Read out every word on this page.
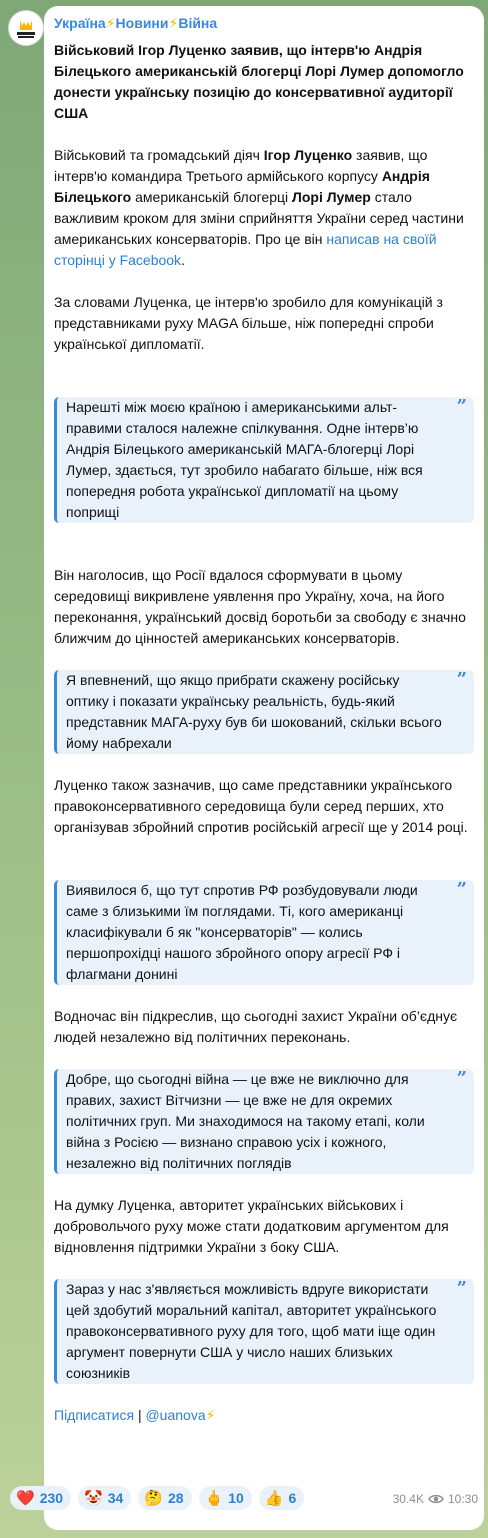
Україна⚡Новини⚡Війна
Військовий Ігор Луценко заявив, що інтерв'ю Андрія Білецького американській блогерці Лорі Лумер допомогло донести українську позицію до консервативної аудиторії США

Військовий та громадський діяч Ігор Луценко заявив, що інтерв'ю командира Третього армійського корпусу Андрія Білецького американській блогерці Лорі Лумер стало важливим кроком для зміни сприйняття України серед частини американських консерваторів. Про це він написав на своїй сторінці у Facebook.

За словами Луценка, це інтерв'ю зробило для комунікацій з представниками руху MAGA більше, ніж попередні спроби української дипломатії.

Нарешті між моєю країною і американськими альт-правими сталося належне спілкування. Одне інтерв’ю Андрія Білецького американській МАГА-блогерці Лорі Лумер, здається, тут зробило набагато більше, ніж вся попередня робота української дипломатії на цьому поприщі
”

Він наголосив, що Росії вдалося сформувати в цьому середовищі викривлене уявлення про Україну, хоча, на його переконання, український досвід боротьби за свободу є значно ближчим до цінностей американських консерваторів.

Я впевнений, що якщо прибрати скажену російську оптику і показати українську реальність, будь-який представник МАГА-руху був би шокований, скільки всього йому набрехали
”

Луценко також зазначив, що саме представники українського правоконсервативного середовища були серед перших, хто організував збройний спротив російській агресії ще у 2014 році.

Виявилося б, що тут спротив РФ розбудовували люди саме з близькими їм поглядами. Ті, кого американці класифікували б як "консерваторів" — колись першопрохідці нашого збройного опору агресії РФ і флагмани донині
”

Водночас він підкреслив, що сьогодні захист України об’єднує людей незалежно від політичних переконань.

Добре, що сьогодні війна — це вже не виключно для правих, захист Вітчизни — це вже не для окремих політичних груп. Ми знаходимося на такому етапі, коли війна з Росією — визнано справою усіх і кожного, незалежно від політичних поглядів
”

На думку Луценка, авторитет українських військових і добровольчого руху може стати додатковим аргументом для відновлення підтримки України з боку США.

Зараз у нас з'являється можливість вдруге використати цей здобутий моральний капітал, авторитет українського правоконсервативного руху для того, щоб мати іще один аргумент повернути США у число наших близьких союзників
”
Підписатися | @uanova⚡
❤️ 230 🤡 34 🤔 28 🖕 10 👍 6	30.4K 10:30
